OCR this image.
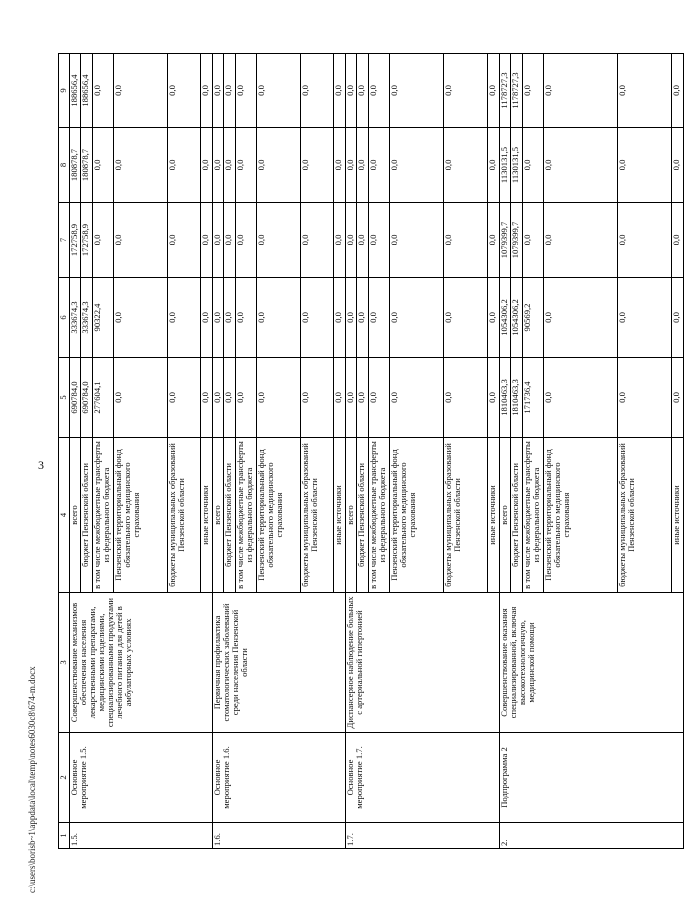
3
c:\users\borisb~1\appdata\local\temp\notes6030c8\674-m.docx 1	2	3	4	5	6	7	8	9
1.5.	Основное мероприятие 1.5.	Совершенствование механизмов обеспечения населения лекарственными препаратами, медицинскими изделиями, специализированными продуктами лечебного питания для детей в амбулаторных условиях	всего	690784,0	333674,3	172758,9	180878,7	188656,4
			бюджет Пензенской области	690784,0	333674,3	172758,9	180878,7	188656,4
			в том числе межбюджетные трансферты из федерального бюджета	277604,1	90322,4	0,0	0,0	0,0
			Пензенский территориальный фонд обязательного медицинского страхования	0,0	0,0	0,0	0,0	0,0
			бюджеты муниципальных образований Пензенской области	0,0	0,0	0,0	0,0	0,0
			иные источники	0,0	0,0	0,0	0,0	0,0
1.6.	Основное мероприятие 1.6.	Первичная профилактика стоматологических заболеваний среди населения Пензенской области	всего	0,0	0,0	0,0	0,0	0,0
			бюджет Пензенской области	0,0	0,0	0,0	0,0	0,0
			в том числе межбюджетные трансферты из федерального бюджета	0,0	0,0	0,0	0,0	0,0
			Пензенский территориальный фонд обязательного медицинского страхования	0,0	0,0	0,0	0,0	0,0
			бюджеты муниципальных образований Пензенской области	0,0	0,0	0,0	0,0	0,0
			иные источники	0,0	0,0	0,0	0,0	0,0
1.7.	Основное мероприятие 1.7.	Диспансерное наблюдение больных с артериальной гипертонией	всего	0,0	0,0	0,0	0,0	0,0
			бюджет Пензенской области	0,0	0,0	0,0	0,0	0,0
			в том числе межбюджетные трансферты из федерального бюджета	0,0	0,0	0,0	0,0	0,0
			Пензенский территориальный фонд обязательного медицинского страхования	0,0	0,0	0,0	0,0	0,0
			бюджеты муниципальных образований Пензенской области	0,0	0,0	0,0	0,0	0,0
			иные источники	0,0	0,0	0,0	0,0	0,0
2.	Подпрограмма 2	Совершенствование оказания специализированной, включая высокотехнологичную, медицинской помощи	всего	1810463,3	1054306,2	1079399,7	1130131,5	1178727,3
			бюджет Пензенской области	1810463,3	1054306,2	1079399,7	1130131,5	1178727,3
			в том числе межбюджетные трансферты из федерального бюджета	171736,4	90569,2	0,0	0,0	0,0
			Пензенский территориальный фонд обязательного медицинского страхования	0,0	0,0	0,0	0,0	0,0
			бюджеты муниципальных образований Пензенской области	0,0	0,0	0,0	0,0	0,0
			иные источники	0,0	0,0	0,0	0,0	0,0
